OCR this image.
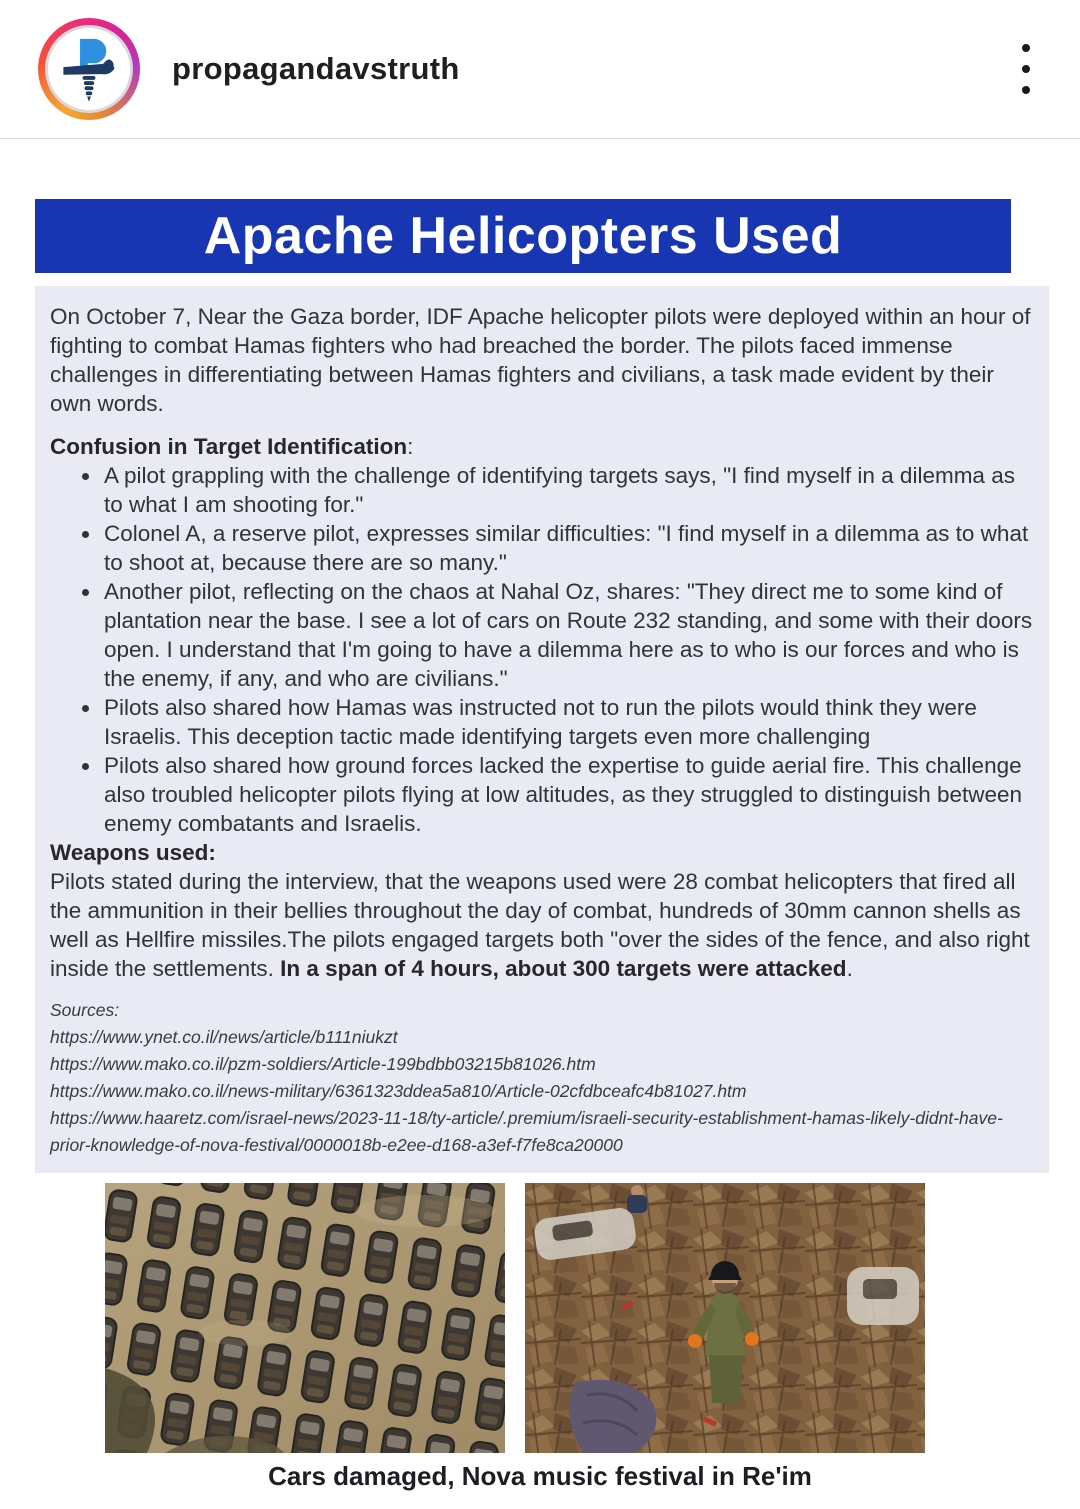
propagandavstruth
Apache Helicopters Used

On October 7, Near the Gaza border, IDF Apache helicopter pilots were deployed within an hour of fighting to combat Hamas fighters who had breached the border. The pilots faced immense challenges in differentiating between Hamas fighters and civilians, a task made evident by their own words.

Confusion in Target Identification:

• A pilot grappling with the challenge of identifying targets says, "I find myself in a dilemma as to what I am shooting for."
• Colonel A, a reserve pilot, expresses similar difficulties: "I find myself in a dilemma as to what to shoot at, because there are so many."
• Another pilot, reflecting on the chaos at Nahal Oz, shares: "They direct me to some kind of plantation near the base. I see a lot of cars on Route 232 standing, and some with their doors open. I understand that I'm going to have a dilemma here as to who is our forces and who is the enemy, if any, and who are civilians."
• Pilots also shared how Hamas was instructed not to run the pilots would think they were Israelis. This deception tactic made identifying targets even more challenging
• Pilots also shared how ground forces lacked the expertise to guide aerial fire. This challenge also troubled helicopter pilots flying at low altitudes, as they struggled to distinguish between enemy combatants and Israelis.

Weapons used:

Pilots stated during the interview, that the weapons used were 28 combat helicopters that fired all the ammunition in their bellies throughout the day of combat, hundreds of 30mm cannon shells as well as Hellfire missiles.The pilots engaged targets both "over the sides of the fence, and also right inside the settlements. In a span of 4 hours, about 300 targets were attacked.

Sources:

https://www.ynet.co.il/news/article/b111niukzt

https://www.mako.co.il/pzm-soldiers/Article-199bdbb03215b81026.htm

https://www.mako.co.il/news-military/6361323ddea5a810/Article-02cfdbceafc4b81027.htm

https://www.haaretz.com/israel-news/2023-11-18/ty-article/.premium/israeli-security-establishment-hamas-likely-didnt-have-prior-knowledge-of-nova-festival/0000018b-e2ee-d168-a3ef-f7fe8ca20000

Cars damaged, Nova music festival in Re'im
